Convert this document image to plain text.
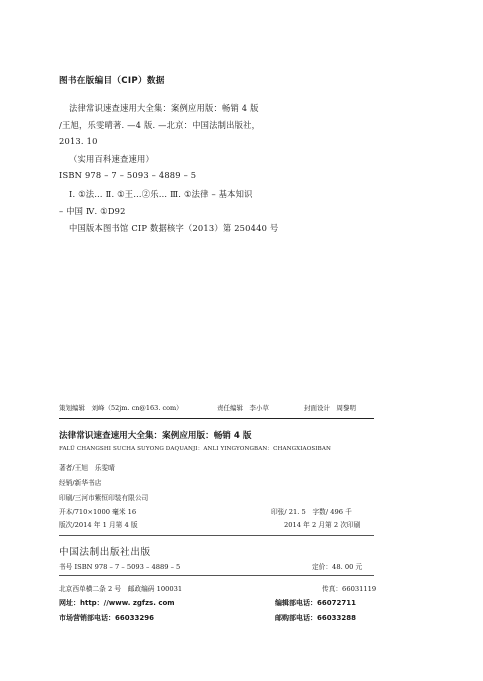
图书在版编目（CIP）数据
法律常识速查速用大全集：案例应用版：畅销 4 版
/王旭，乐雯晴著. —4 版. —北京：中国法制出版社，
2013. 10
（实用百科速查速用）
ISBN 978 – 7 – 5093 – 4889 – 5
Ⅰ. ①法… Ⅱ. ①王…②乐… Ⅲ. ①法律 – 基本知识
– 中国 Ⅳ. ①D92
中国版本图书馆 CIP 数据核字（2013）第 250440 号
策划编辑　刘峰（52jm. cn@163. com）	责任编辑　李小草	封面设计　周黎明
法律常识速查速用大全集：案例应用版：畅销 4 版
FALÜ CHANGSHI SUCHA SUYONG DAQUANJI：ANLI YINGYONGBAN：CHANGXIAOSIBAN
著者/王旭　乐雯晴
经销/新华书店
印刷/三河市紫恒印装有限公司
开本/710×1000 毫米 16	印张/ 21. 5　字数/ 496 千
版次/2014 年 1 月第 4 版	2014 年 2 月第 2 次印刷
中国法制出版社出版
书号 ISBN 978 – 7 – 5093 – 4889 – 5	定价：48. 00 元
北京西单横二条 2 号　邮政编码 100031	传真：66031119
网址：http：//www. zgfzs. com	编辑部电话：66072711
市场营销部电话：66033296	邮购部电话：66033288
